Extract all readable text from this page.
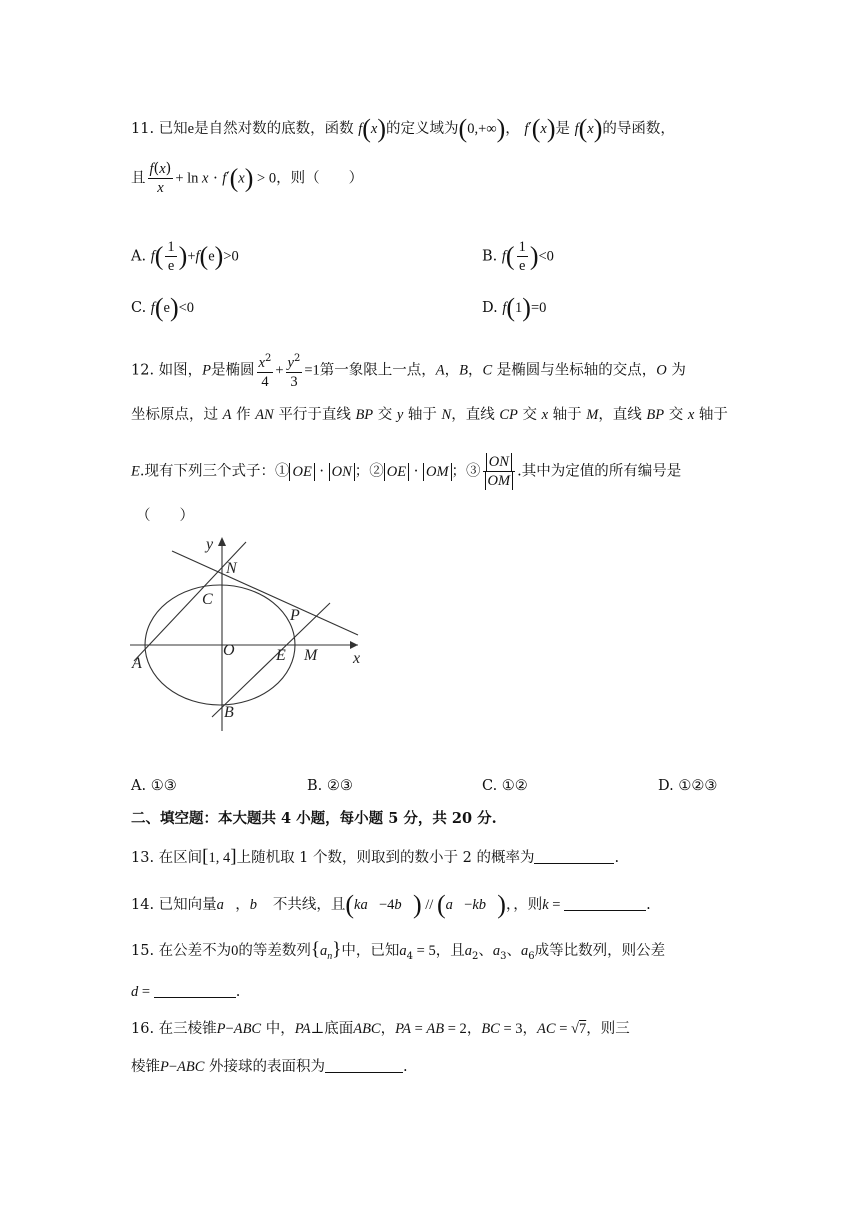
11. 已知e是自然对数的底数，函数 f(x)的定义域为(0,+∞)， f′(x)是 f(x)的导函数，
且 $\frac{f(x)}{x} + \ln x \cdot f'(x) > 0$，则（　　）
A. $f( \frac{1}{e} )+f(e)>0$	B. $f( \frac{1}{e} )<0$
C. f(e)<0	D. f(1)=0
12. 如图，P是椭圆 $\frac{x^2}{4} + \frac{y^2}{3} =1$第一象限上一点，A，B，C 是椭圆与坐标轴的交点，O 为
坐标原点，过 A 作 AN 平行于直线 BP 交 y 轴于 N，直线 CP 交 x 轴于 M，直线 BP 交 x 轴于
E.现有下列三个式子：① OE · ON ；② OE · OM ；③ $\frac{ON}{OM}$ .其中为定值的所有编号是
（　　）
y
x
N
C
P
O	E M
A
B
A. ①③	B. ②③	C. ①②	D. ①②③
二、填空题：本大题共 4 小题，每小题 5 分，共 20 分.
13. 在区间[1, 4]上随机取 1 个数，则取到的数小于 2 的概率为	.
14. 已知向量a⃗，b⃗ 不共线，且(ka⃗−4b⃗) // (a⃗−kb⃗)，，则k =	.
15. 在公差不为0的等差数列$\{a_n\}$中，已知$a_4 = 5$，且$a_2$、$a_3$、$a_6$成等比数列，则公差
d =	.
16. 在三棱锥P−ABC 中，PA⊥底面ABC，PA = AB = 2，BC = 3，AC = √7，则三
棱锥P−ABC 外接球的表面积为	.
